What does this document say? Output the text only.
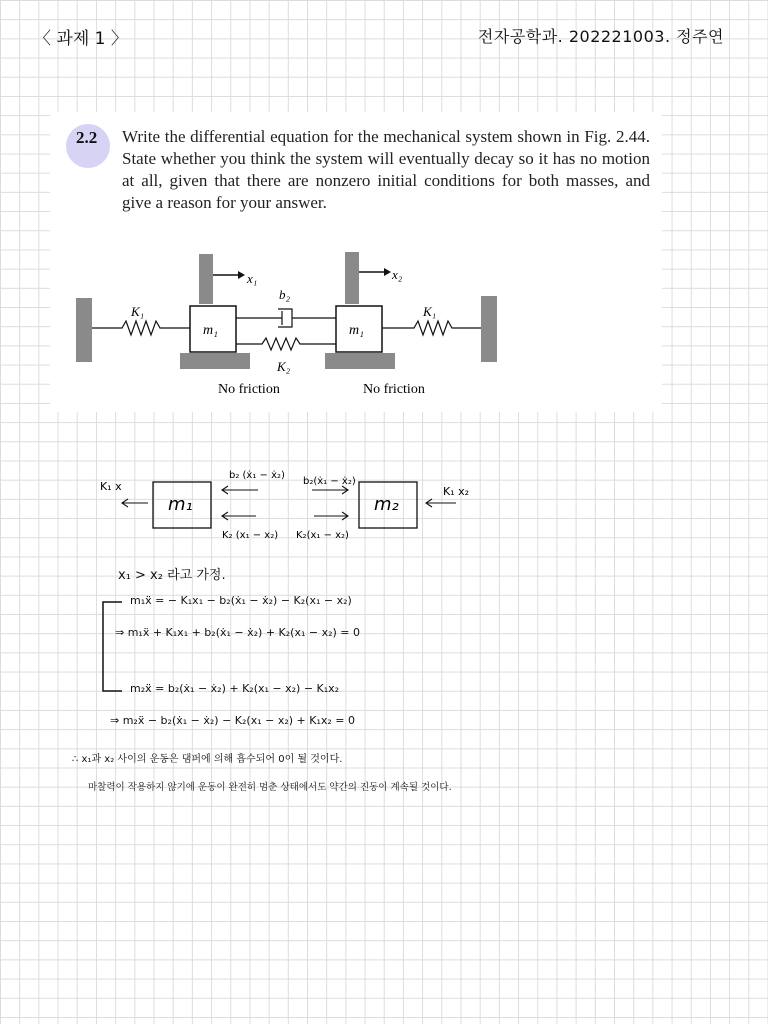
〈 과제 1 〉	전자공학과. 202221003. 정주연
2.2 Write the differential equation for the mechanical system shown in Fig. 2.44. State whether you think the system will eventually decay so it has no motion at all, given that there are nonzero initial conditions for both masses, and give a reason for your answer.
x₁	x₂
b₂
K₁	K₁
K₂
m₁	m₁
No friction	No friction
m₁	m₂
K₁ x	K₁ x₂
b₂ (ẋ₁ − ẋ₂)
b₂(ẋ₁ − ẋ₂)
K₂ (x₁ − x₂) K₂(x₁ − x₂)
x₁ > x₂ 라고 가정.
m₁ẍ = − K₁x₁ − b₂(ẋ₁ − ẋ₂) − K₂(x₁ − x₂)
⇒ m₁ẍ + K₁x₁ + b₂(ẋ₁ − ẋ₂) + K₂(x₁ − x₂) = 0
m₂ẍ = b₂(ẋ₁ − ẋ₂) + K₂(x₁ − x₂) − K₁x₂
⇒ m₂ẍ − b₂(ẋ₁ − ẋ₂) − K₂(x₁ − x₂) + K₁x₂ = 0
∴ x₁과 x₂ 사이의 운동은 댐퍼에 의해 흡수되어 0이 될 것이다.
마찰력이 작용하지 않기에 운동이 완전히 멈춘 상태에서도 약간의 진동이 계속될 것이다.
